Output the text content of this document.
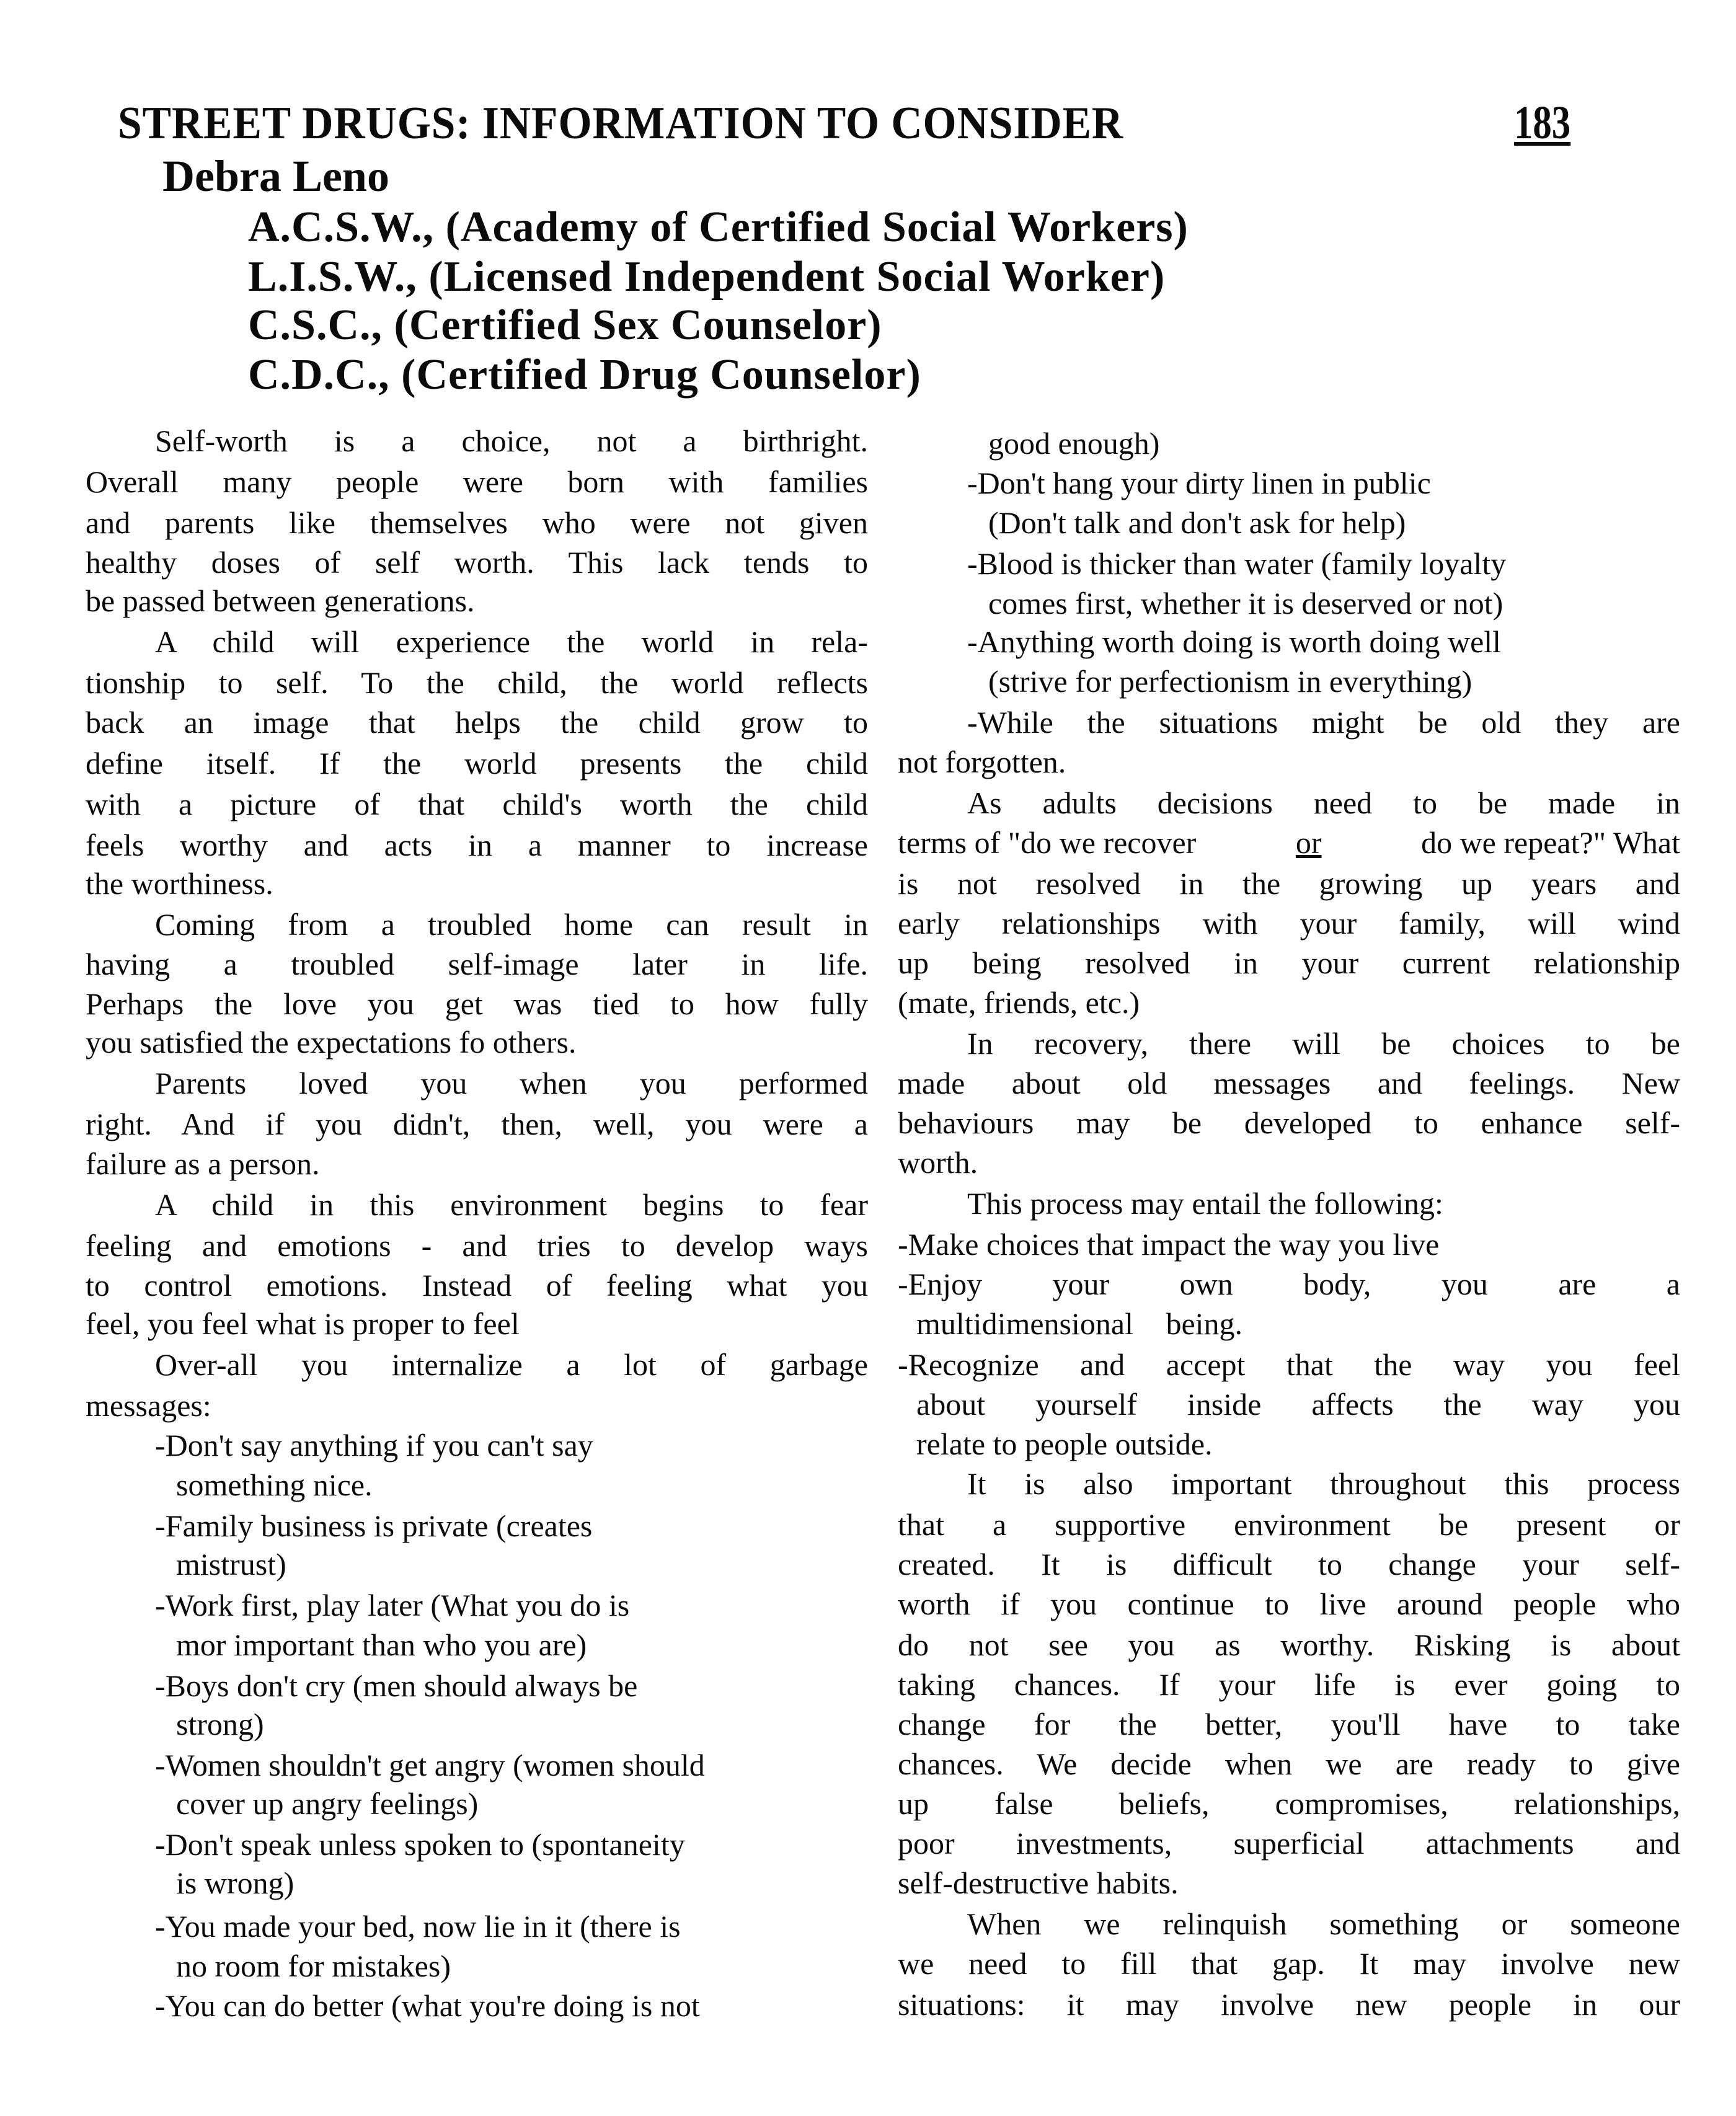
STREET DRUGS: INFORMATION TO CONSIDER	183
Debra Leno
A.C.S.W., (Academy of Certified Social Workers)
L.I.S.W., (Licensed Independent Social Worker)
C.S.C., (Certified Sex Counselor)
C.D.C., (Certified Drug Counselor)
Self-worth is a choice, not a birthright.
Overall many people were born with families
and parents like themselves who were not given
healthy doses of self worth. This lack tends to
be passed between generations.
A child will experience the world in rela-
tionship to self. To the child, the world reflects
back an image that helps the child grow to
define itself. If the world presents the child
with a picture of that child's worth the child
feels worthy and acts in a manner to increase
the worthiness.
Coming from a troubled home can result in
having a troubled self-image later in life.
Perhaps the love you get was tied to how fully
you satisfied the expectations fo others.
Parents loved you when you performed
right. And if you didn't, then, well, you were a
failure as a person.
A child in this environment begins to fear
feeling and emotions - and tries to develop ways
to control emotions. Instead of feeling what you
feel, you feel what is proper to feel
Over-all you internalize a lot of garbage
messages:
-Don't say anything if you can't say
something nice.
-Family business is private (creates
mistrust)
-Work first, play later (What you do is
mor important than who you are)
-Boys don't cry (men should always be
strong)
-Women shouldn't get angry (women should
cover up angry feelings)
-Don't speak unless spoken to (spontaneity
is wrong)
-You made your bed, now lie in it (there is
no room for mistakes)
-You can do better (what you're doing is not
good enough)
-Don't hang your dirty linen in public
(Don't talk and don't ask for help)
-Blood is thicker than water (family loyalty
comes first, whether it is deserved or not)
-Anything worth doing is worth doing well
(strive for perfectionism in everything)
-While the situations might be old they are
not forgotten.
As adults decisions need to be made in
terms of "do we recover	or	do we repeat?" What
is not resolved in the growing up years and
early relationships with your family, will wind
up being resolved in your current relationship
(mate, friends, etc.)
In recovery, there will be choices to be
made about old messages and feelings. New
behaviours may be developed to enhance self-
worth.
This process may entail the following:
-Make choices that impact the way you live
-Enjoy your own body, you are a
multidimensional being.
-Recognize and accept that the way you feel
about yourself inside affects the way you
relate to people outside.
It is also important throughout this process
that a supportive environment be present or
created. It is difficult to change your self-
worth if you continue to live around people who
do not see you as worthy. Risking is about
taking chances. If your life is ever going to
change for the better, you'll have to take
chances. We decide when we are ready to give
up false beliefs, compromises, relationships,
poor investments, superficial attachments and
self-destructive habits.
When we relinquish something or someone
we need to fill that gap. It may involve new
situations: it may involve new people in our
